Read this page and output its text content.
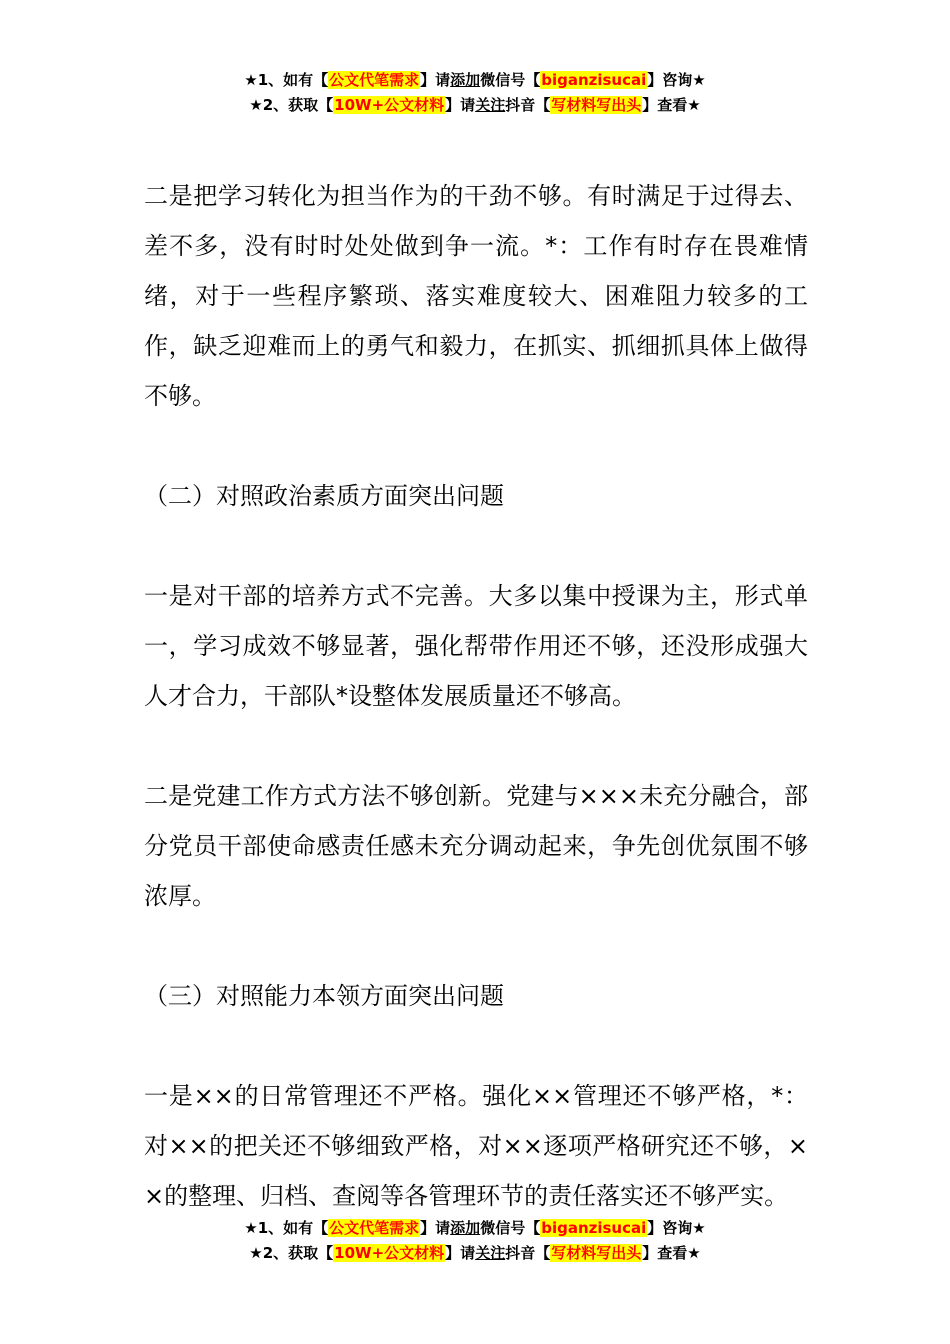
★1、如有【公文代笔需求】请添加微信号【biganzisucai】咨询★
★2、获取【10W+公文材料】请关注抖音【写材料写出头】查看★

二是把学习转化为担当作为的干劲不够。有时满足于过得去、差不多，没有时时处处做到争一流。*：工作有时存在畏难情绪，对于一些程序繁琐、落实难度较大、困难阻力较多的工作，缺乏迎难而上的勇气和毅力，在抓实、抓细抓具体上做得不够。

（二）对照政治素质方面突出问题

一是对干部的培养方式不完善。大多以集中授课为主，形式单一，学习成效不够显著，强化帮带作用还不够，还没形成强大人才合力，干部队*设整体发展质量还不够高。

二是党建工作方式方法不够创新。党建与×××未充分融合，部分党员干部使命感责任感未充分调动起来，争先创优氛围不够浓厚。

（三）对照能力本领方面突出问题

一是××的日常管理还不严格。强化××管理还不够严格，*：对××的把关还不够细致严格，对××逐项严格研究还不够，××的整理、归档、查阅等各管理环节的责任落实还不够严实。

★1、如有【公文代笔需求】请添加微信号【biganzisucai】咨询★
★2、获取【10W+公文材料】请关注抖音【写材料写出头】查看★
